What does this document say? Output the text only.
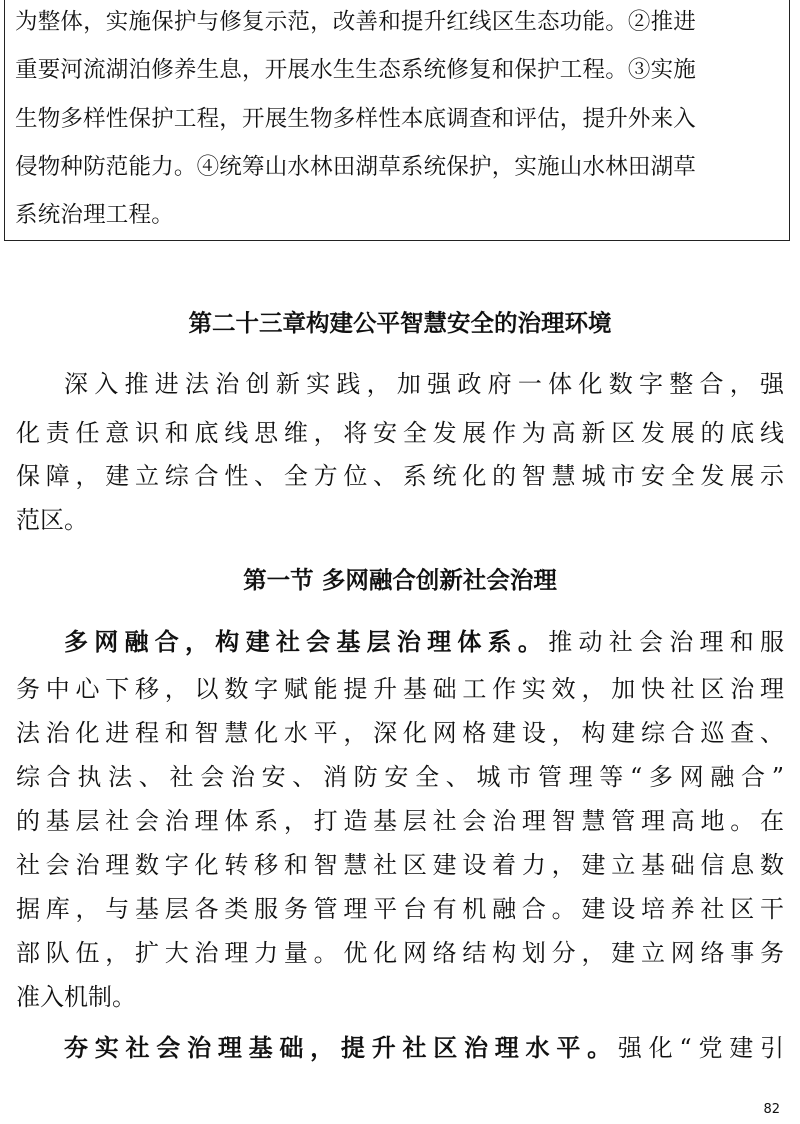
为整体，实施保护与修复示范，改善和提升红线区生态功能。②推进
重要河流湖泊修养生息，开展水生生态系统修复和保护工程。③实施
生物多样性保护工程，开展生物多样性本底调查和评估，提升外来入
侵物种防范能力。④统筹山水林田湖草系统保护，实施山水林田湖草
系统治理工程。
第二十三章构建公平智慧安全的治理环境
深入推进法治创新实践，加强政府一体化数字整合，强
化责任意识和底线思维，将安全发展作为高新区发展的底线
保障，建立综合性、全方位、系统化的智慧城市安全发展示
范区。
第一节 多网融合创新社会治理
多网融合，构建社会基层治理体系。推动社会治理和服
务中心下移，以数字赋能提升基础工作实效，加快社区治理
法治化进程和智慧化水平，深化网格建设，构建综合巡查、
综合执法、社会治安、消防安全、城市管理等“多网融合”
的基层社会治理体系，打造基层社会治理智慧管理高地。在
社会治理数字化转移和智慧社区建设着力，建立基础信息数
据库，与基层各类服务管理平台有机融合。建设培养社区干
部队伍，扩大治理力量。优化网络结构划分，建立网络事务
准入机制。
夯实社会治理基础，提升社区治理水平。强化“党建引
82
